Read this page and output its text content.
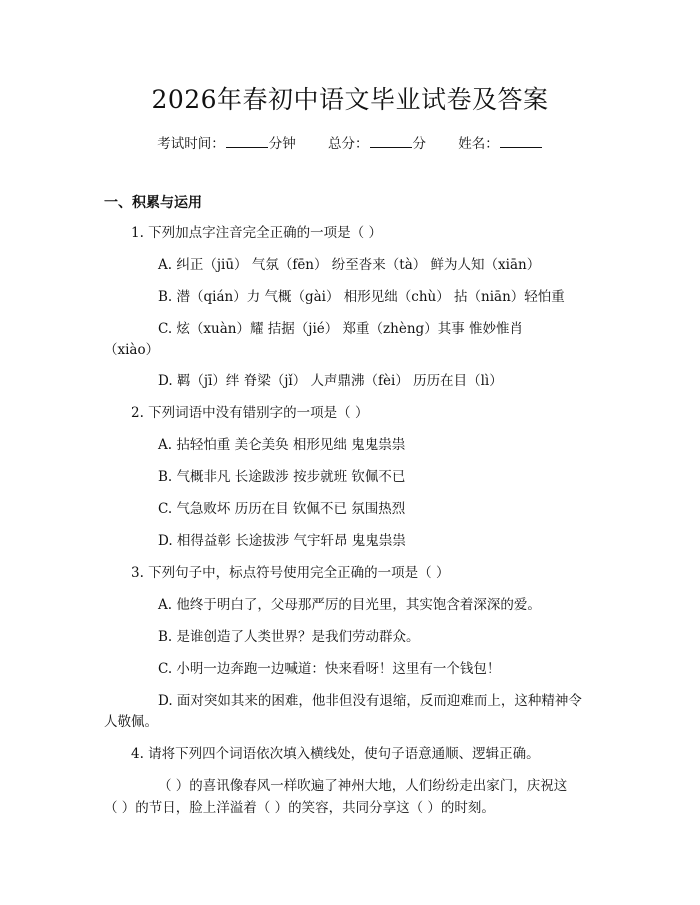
2026年春初中语文毕业试卷及答案
考试时间：	分钟 总分：	分 姓名：
一、积累与运用
1. 下列加点字注音完全正确的一项是（ ）
A. 纠正（jiū） 气氛（fēn） 纷至沓来（tà） 鲜为人知（xiān）
B. 潜（qián）力 气概（gài） 相形见绌（chù） 拈（niān）轻怕重
C. 炫（xuàn）耀 拮据（jié） 郑重（zhèng）其事 惟妙惟肖
（xiào）
D. 羁（jī）绊 脊梁（jǐ） 人声鼎沸（fèi） 历历在目（lì）
2. 下列词语中没有错别字的一项是（ ）
A. 拈轻怕重 美仑美奂 相形见绌 鬼鬼祟祟
B. 气概非凡 长途跋涉 按步就班 钦佩不已
C. 气急败坏 历历在目 钦佩不已 氛围热烈
D. 相得益彰 长途拔涉 气宇轩昂 鬼鬼祟祟
3. 下列句子中，标点符号使用完全正确的一项是（ ）
A. 他终于明白了，父母那严厉的目光里，其实饱含着深深的爱。
B. 是谁创造了人类世界？是我们劳动群众。
C. 小明一边奔跑一边喊道：快来看呀！这里有一个钱包！
D. 面对突如其来的困难，他非但没有退缩，反而迎难而上，这种精神令
人敬佩。
4. 请将下列四个词语依次填入横线处，使句子语意通顺、逻辑正确。
（ ）的喜讯像春风一样吹遍了神州大地，人们纷纷走出家门，庆祝这
（ ）的节日，脸上洋溢着（ ）的笑容，共同分享这（ ）的时刻。
